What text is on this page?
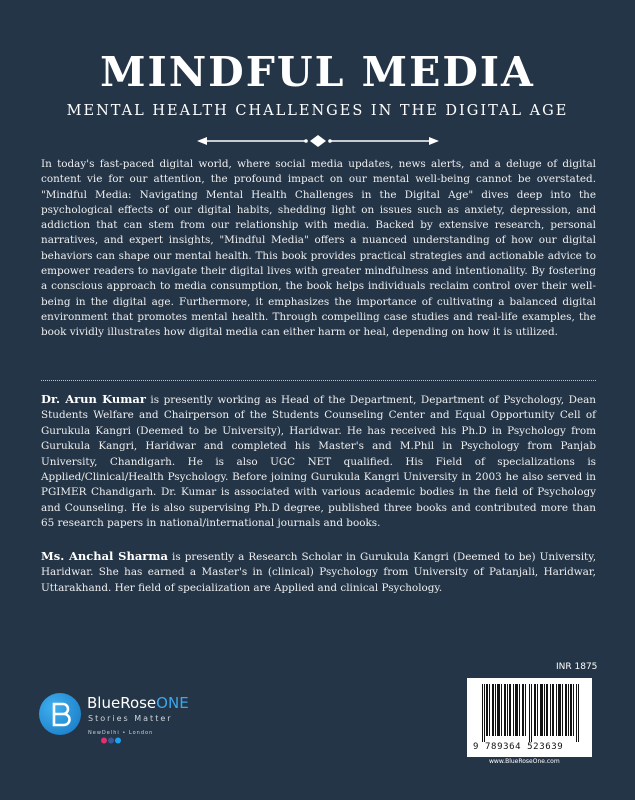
MINDFUL MEDIA
MENTAL HEALTH CHALLENGES IN THE DIGITAL AGE
In today's fast-paced digital world, where social media updates, news alerts, and a deluge of digital content vie for our attention, the profound impact on our mental well-being cannot be overstated. "Mindful Media: Navigating Mental Health Challenges in the Digital Age" dives deep into the psychological effects of our digital habits, shedding light on issues such as anxiety, depression, and addiction that can stem from our relationship with media. Backed by extensive research, personal narratives, and expert insights, "Mindful Media" offers a nuanced understanding of how our digital behaviors can shape our mental health. This book provides practical strategies and actionable advice to empower readers to navigate their digital lives with greater mindfulness and intentionality. By fostering a conscious approach to media consumption, the book helps individuals reclaim control over their well-being in the digital age. Furthermore, it emphasizes the importance of cultivating a balanced digital environment that promotes mental health. Through compelling case studies and real-life examples, the book vividly illustrates how digital media can either harm or heal, depending on how it is utilized.
Dr. Arun Kumar is presently working as Head of the Department, Department of Psychology, Dean Students Welfare and Chairperson of the Students Counseling Center and Equal Opportunity Cell of Gurukula Kangri (Deemed to be University), Haridwar. He has received his Ph.D in Psychology from Gurukula Kangri, Haridwar and completed his Master's and M.Phil in Psychology from Panjab University, Chandigarh. He is also UGC NET qualified. His Field of specializations is Applied/Clinical/Health Psychology. Before joining Gurukula Kangri University in 2003 he also served in PGIMER Chandigarh. Dr. Kumar is associated with various academic bodies in the field of Psychology and Counseling. He is also supervising Ph.D degree, published three books and contributed more than 65 research papers in national/international journals and books.
Ms. Anchal Sharma is presently a Research Scholar in Gurukula Kangri (Deemed to be) University, Haridwar. She has earned a Master's in (clinical) Psychology from University of Patanjali, Haridwar, Uttarakhand. Her field of specialization are Applied and clinical Psychology.
BlueRoseONE
Stories Matter
NewDelhi • London
INR 1875
9 789364 523639
www.BlueRoseOne.com
